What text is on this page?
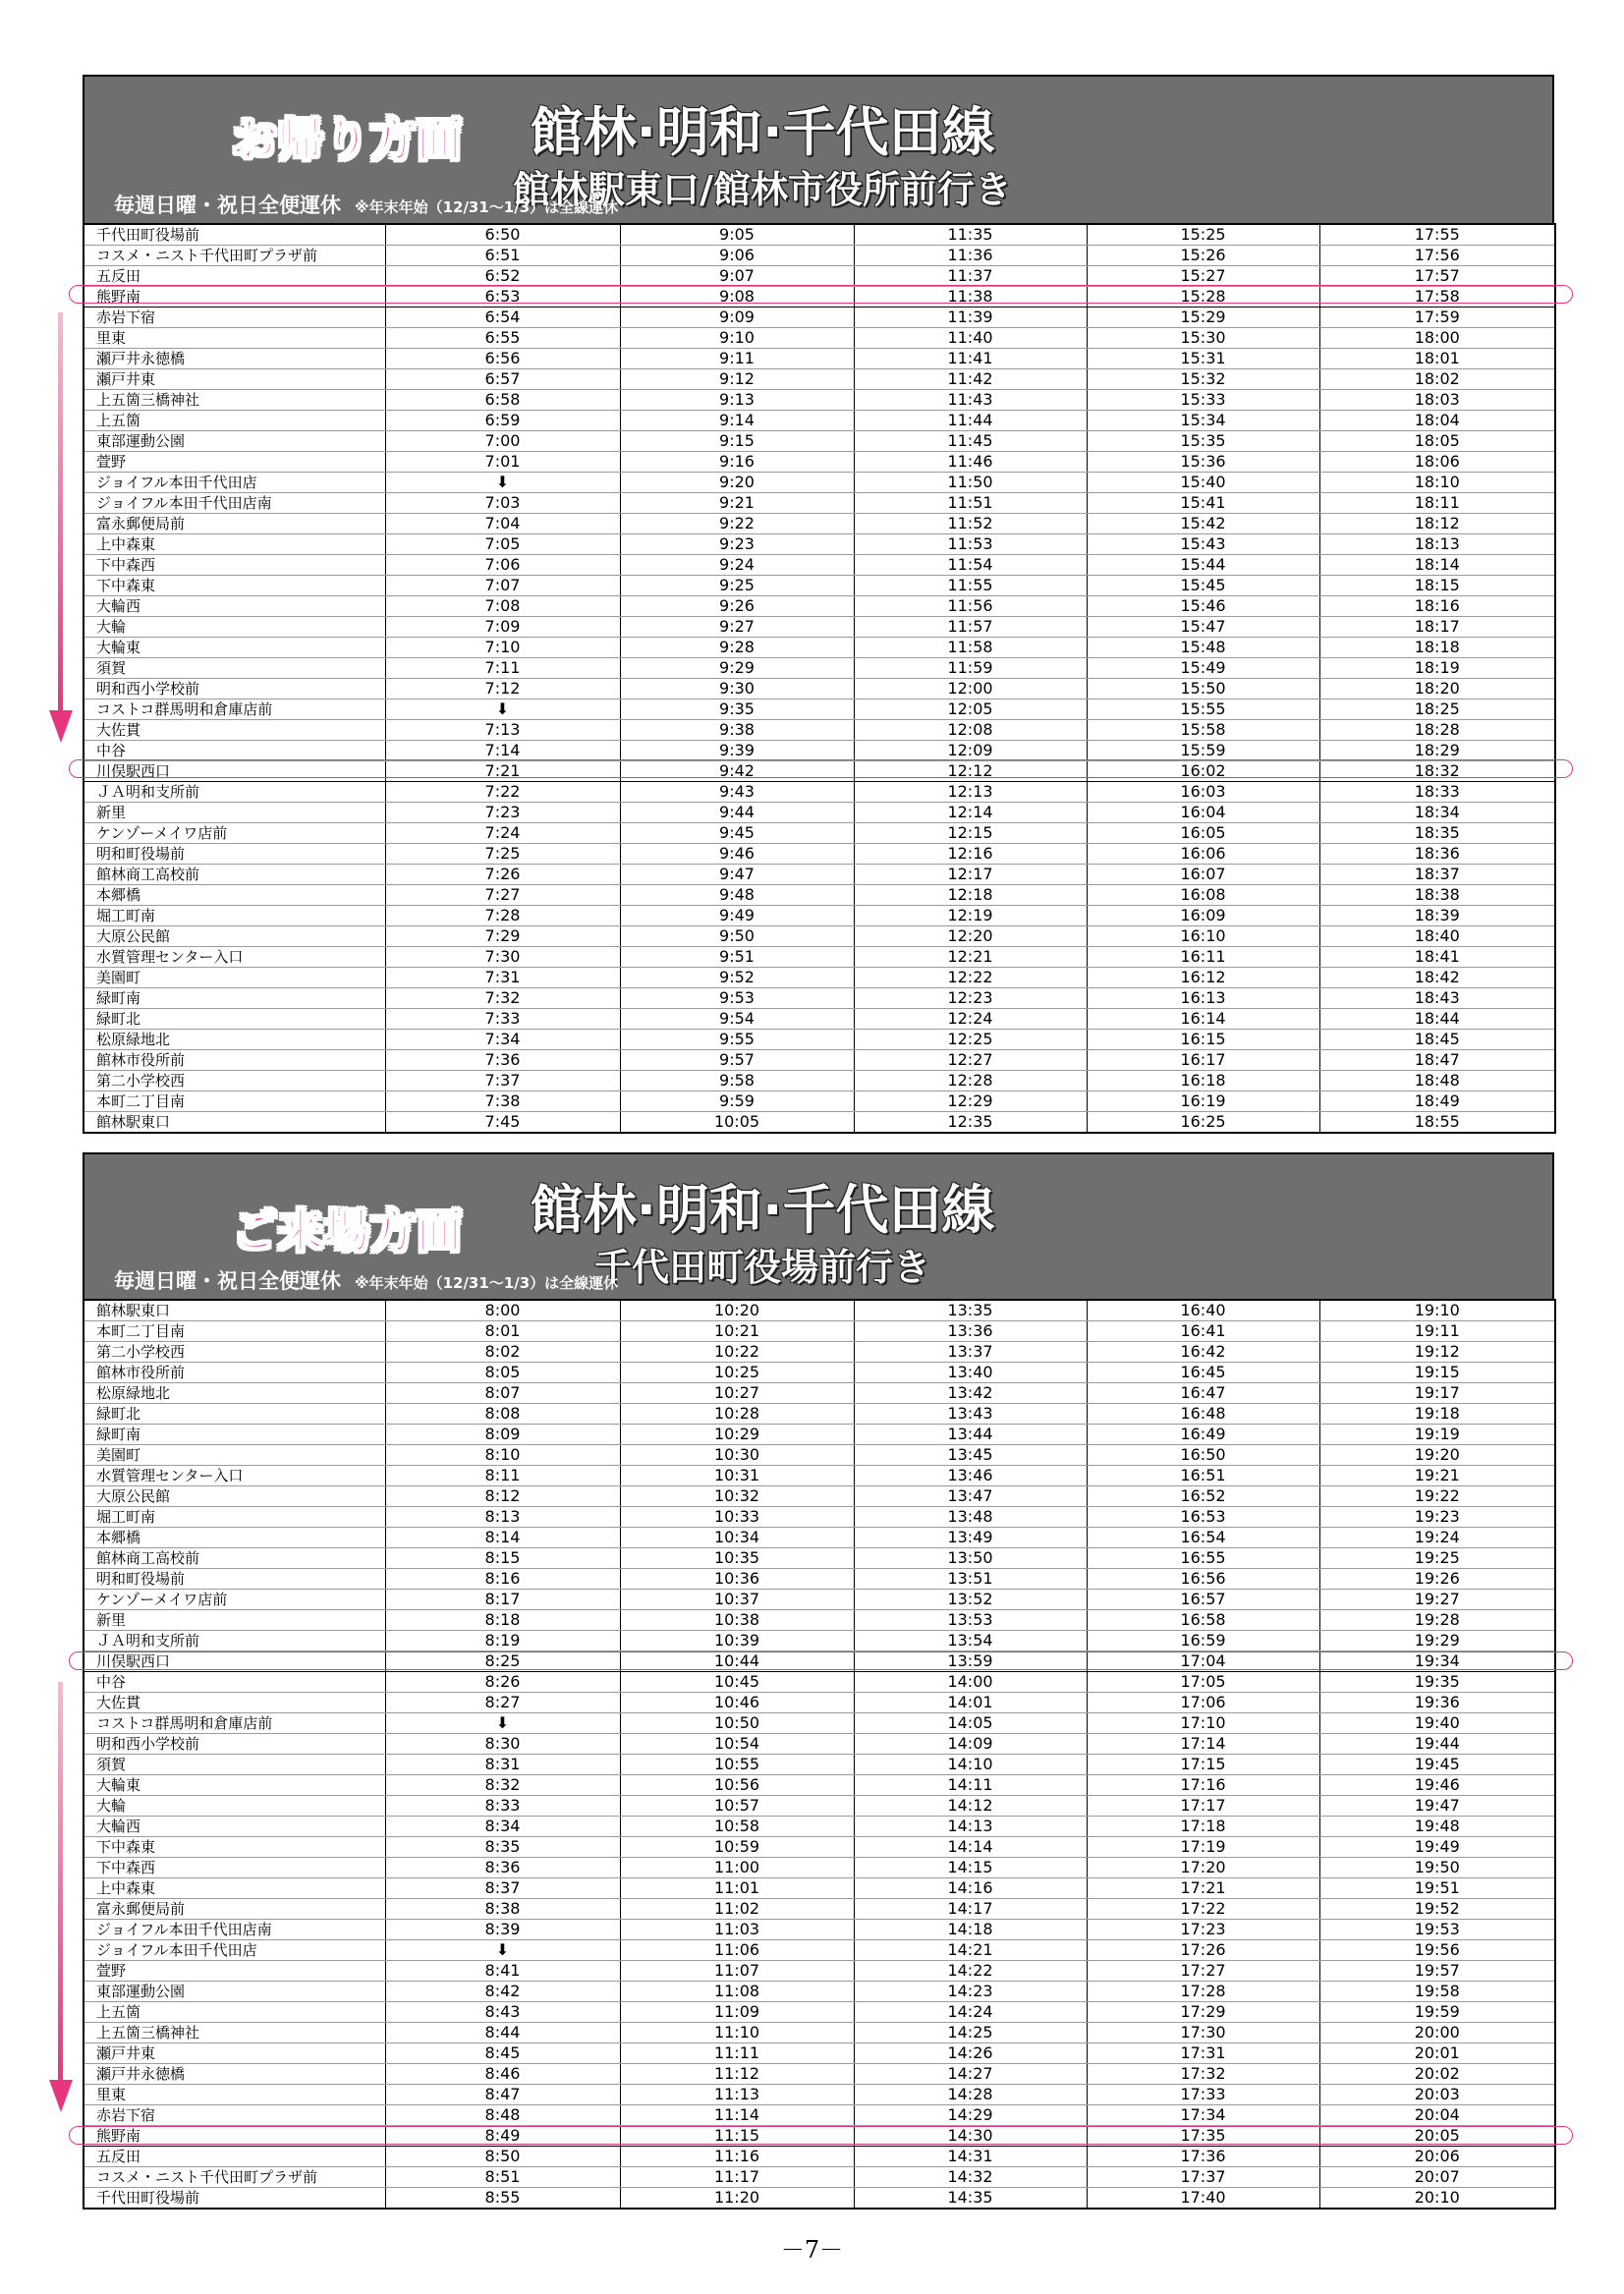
お帰り方面	館林·明和·千代田線
館林駅東口/館林市役所前行き
毎週日曜・祝日全便運休 ※年末年始（12/31～1/3）は全線運休
千代田町役場前	6:50	9:05	11:35	15:25	17:55
コスメ・ニスト千代田町プラザ前	6:51	9:06	11:36	15:26	17:56
五反田	6:52	9:07	11:37	15:27	17:57
熊野南	6:53	9:08	11:38	15:28	17:58
赤岩下宿	6:54	9:09	11:39	15:29	17:59
里東	6:55	9:10	11:40	15:30	18:00
瀬戸井永徳橋	6:56	9:11	11:41	15:31	18:01
瀬戸井東	6:57	9:12	11:42	15:32	18:02
上五箇三橋神社	6:58	9:13	11:43	15:33	18:03
上五箇	6:59	9:14	11:44	15:34	18:04
東部運動公園	7:00	9:15	11:45	15:35	18:05
萱野	7:01	9:16	11:46	15:36	18:06
ジョイフル本田千代田店	⬇	9:20	11:50	15:40	18:10
ジョイフル本田千代田店南	7:03	9:21	11:51	15:41	18:11
富永郵便局前	7:04	9:22	11:52	15:42	18:12
上中森東	7:05	9:23	11:53	15:43	18:13
下中森西	7:06	9:24	11:54	15:44	18:14
下中森東	7:07	9:25	11:55	15:45	18:15
大輪西	7:08	9:26	11:56	15:46	18:16
大輪	7:09	9:27	11:57	15:47	18:17
大輪東	7:10	9:28	11:58	15:48	18:18
須賀	7:11	9:29	11:59	15:49	18:19
明和西小学校前	7:12	9:30	12:00	15:50	18:20
コストコ群馬明和倉庫店前	⬇	9:35	12:05	15:55	18:25
大佐貫	7:13	9:38	12:08	15:58	18:28
中谷	7:14	9:39	12:09	15:59	18:29
川俣駅西口	7:21	9:42	12:12	16:02	18:32
ＪＡ明和支所前	7:22	9:43	12:13	16:03	18:33
新里	7:23	9:44	12:14	16:04	18:34
ケンゾーメイワ店前	7:24	9:45	12:15	16:05	18:35
明和町役場前	7:25	9:46	12:16	16:06	18:36
館林商工高校前	7:26	9:47	12:17	16:07	18:37
本郷橋	7:27	9:48	12:18	16:08	18:38
堀工町南	7:28	9:49	12:19	16:09	18:39
大原公民館	7:29	9:50	12:20	16:10	18:40
水質管理センター入口	7:30	9:51	12:21	16:11	18:41
美園町	7:31	9:52	12:22	16:12	18:42
緑町南	7:32	9:53	12:23	16:13	18:43
緑町北	7:33	9:54	12:24	16:14	18:44
松原緑地北	7:34	9:55	12:25	16:15	18:45
館林市役所前	7:36	9:57	12:27	16:17	18:47
第二小学校西	7:37	9:58	12:28	16:18	18:48
本町二丁目南	7:38	9:59	12:29	16:19	18:49
館林駅東口	7:45	10:05	12:35	16:25	18:55
ご来場方面	館林·明和·千代田線
千代田町役場前行き
毎週日曜・祝日全便運休 ※年末年始（12/31～1/3）は全線運休
館林駅東口	8:00	10:20	13:35	16:40	19:10
本町二丁目南	8:01	10:21	13:36	16:41	19:11
第二小学校西	8:02	10:22	13:37	16:42	19:12
館林市役所前	8:05	10:25	13:40	16:45	19:15
松原緑地北	8:07	10:27	13:42	16:47	19:17
緑町北	8:08	10:28	13:43	16:48	19:18
緑町南	8:09	10:29	13:44	16:49	19:19
美園町	8:10	10:30	13:45	16:50	19:20
水質管理センター入口	8:11	10:31	13:46	16:51	19:21
大原公民館	8:12	10:32	13:47	16:52	19:22
堀工町南	8:13	10:33	13:48	16:53	19:23
本郷橋	8:14	10:34	13:49	16:54	19:24
館林商工高校前	8:15	10:35	13:50	16:55	19:25
明和町役場前	8:16	10:36	13:51	16:56	19:26
ケンゾーメイワ店前	8:17	10:37	13:52	16:57	19:27
新里	8:18	10:38	13:53	16:58	19:28
ＪＡ明和支所前	8:19	10:39	13:54	16:59	19:29
川俣駅西口	8:25	10:44	13:59	17:04	19:34
中谷	8:26	10:45	14:00	17:05	19:35
大佐貫	8:27	10:46	14:01	17:06	19:36
コストコ群馬明和倉庫店前	⬇	10:50	14:05	17:10	19:40
明和西小学校前	8:30	10:54	14:09	17:14	19:44
須賀	8:31	10:55	14:10	17:15	19:45
大輪東	8:32	10:56	14:11	17:16	19:46
大輪	8:33	10:57	14:12	17:17	19:47
大輪西	8:34	10:58	14:13	17:18	19:48
下中森東	8:35	10:59	14:14	17:19	19:49
下中森西	8:36	11:00	14:15	17:20	19:50
上中森東	8:37	11:01	14:16	17:21	19:51
富永郵便局前	8:38	11:02	14:17	17:22	19:52
ジョイフル本田千代田店南	8:39	11:03	14:18	17:23	19:53
ジョイフル本田千代田店	⬇	11:06	14:21	17:26	19:56
萱野	8:41	11:07	14:22	17:27	19:57
東部運動公園	8:42	11:08	14:23	17:28	19:58
上五箇	8:43	11:09	14:24	17:29	19:59
上五箇三橋神社	8:44	11:10	14:25	17:30	20:00
瀬戸井東	8:45	11:11	14:26	17:31	20:01
瀬戸井永徳橋	8:46	11:12	14:27	17:32	20:02
里東	8:47	11:13	14:28	17:33	20:03
赤岩下宿	8:48	11:14	14:29	17:34	20:04
熊野南	8:49	11:15	14:30	17:35	20:05
五反田	8:50	11:16	14:31	17:36	20:06
コスメ・ニスト千代田町プラザ前	8:51	11:17	14:32	17:37	20:07
千代田町役場前	8:55	11:20	14:35	17:40	20:10
－7－
